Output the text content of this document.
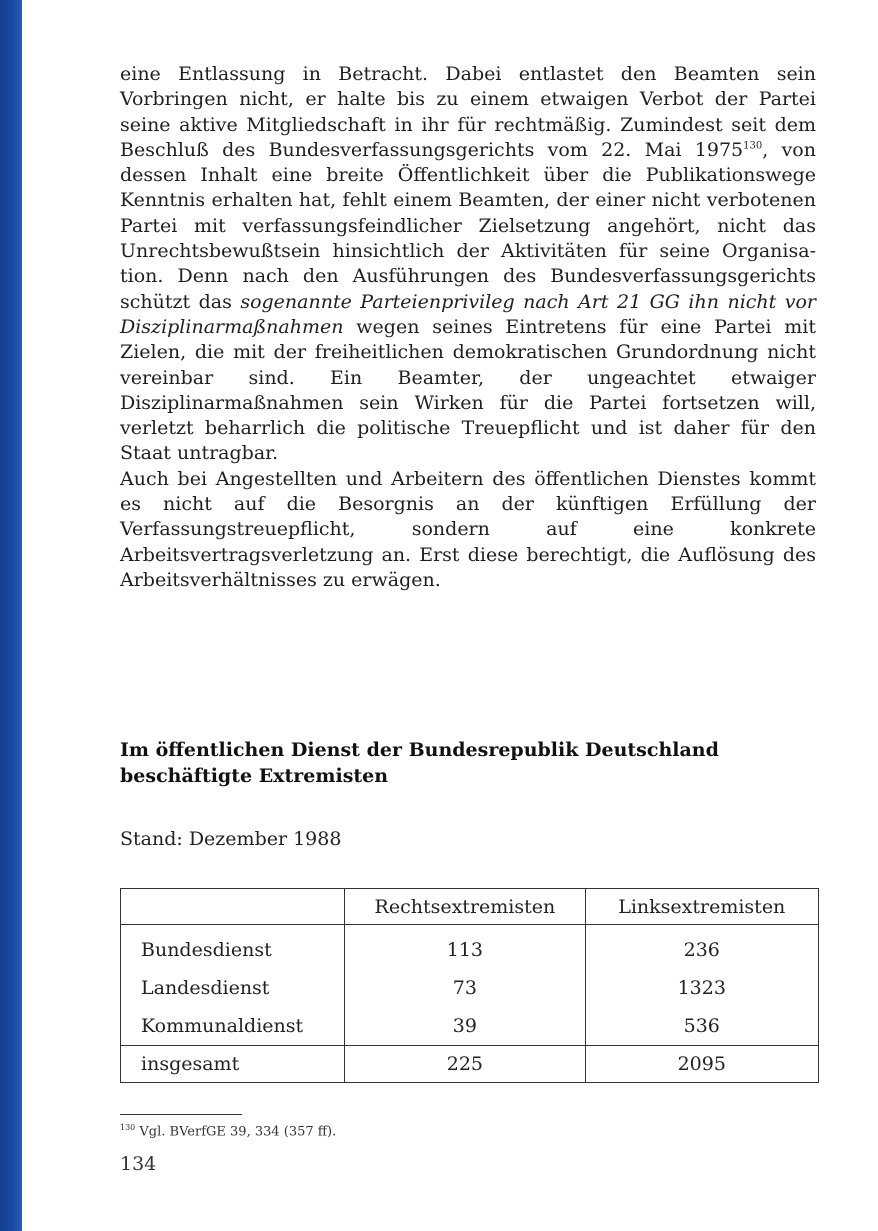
eine Entlassung in Betracht. Dabei entlastet den Beamten sein Vorbringen nicht, er halte bis zu einem etwaigen Verbot der Partei seine aktive Mitgliedschaft in ihr für rechtmäßig. Zumindest seit dem Beschluß des Bundesverfassungsgerichts vom 22. Mai 1975$^{130}$, von dessen Inhalt eine breite Öffentlichkeit über die Publikationswege Kenntnis erhalten hat, fehlt einem Beamten, der einer nicht verbotenen Partei mit verfassungsfeindlicher Zielsetzung angehört, nicht das Unrechtsbewußtsein hinsichtlich der Aktivitäten für seine Organisation. Denn nach den Ausführungen des Bundesverfassungsgerichts schützt das sogenannte Parteienprivileg nach Art 21 GG ihn nicht vor Disziplinarmaßnahmen wegen seines Eintretens für eine Partei mit Zielen, die mit der freiheitlichen demokratischen Grundordnung nicht vereinbar sind. Ein Beamter, der ungeachtet etwaiger Disziplinarmaßnahmen sein Wirken für die Partei fortsetzen will, verletzt beharrlich die politische Treuepflicht und ist daher für den Staat untragbar.

Auch bei Angestellten und Arbeitern des öffentlichen Dienstes kommt es nicht auf die Besorgnis an der künftigen Erfüllung der Verfassungstreuepflicht, sondern auf eine konkrete Arbeitsvertragsverletzung an. Erst diese berechtigt, die Auflösung des Arbeitsverhältnisses zu erwägen.

Im öffentlichen Dienst der Bundesrepublik Deutschland beschäftigte Extremisten
Stand: Dezember 1988
	Rechtsextremisten	Linksextremisten
Bundesdienst	113	236
Landesdienst	73	1323
Kommunaldienst	39	536
insgesamt	225	2095
$^{130}$ Vgl. BVerfGE 39, 334 (357 ff).
134
